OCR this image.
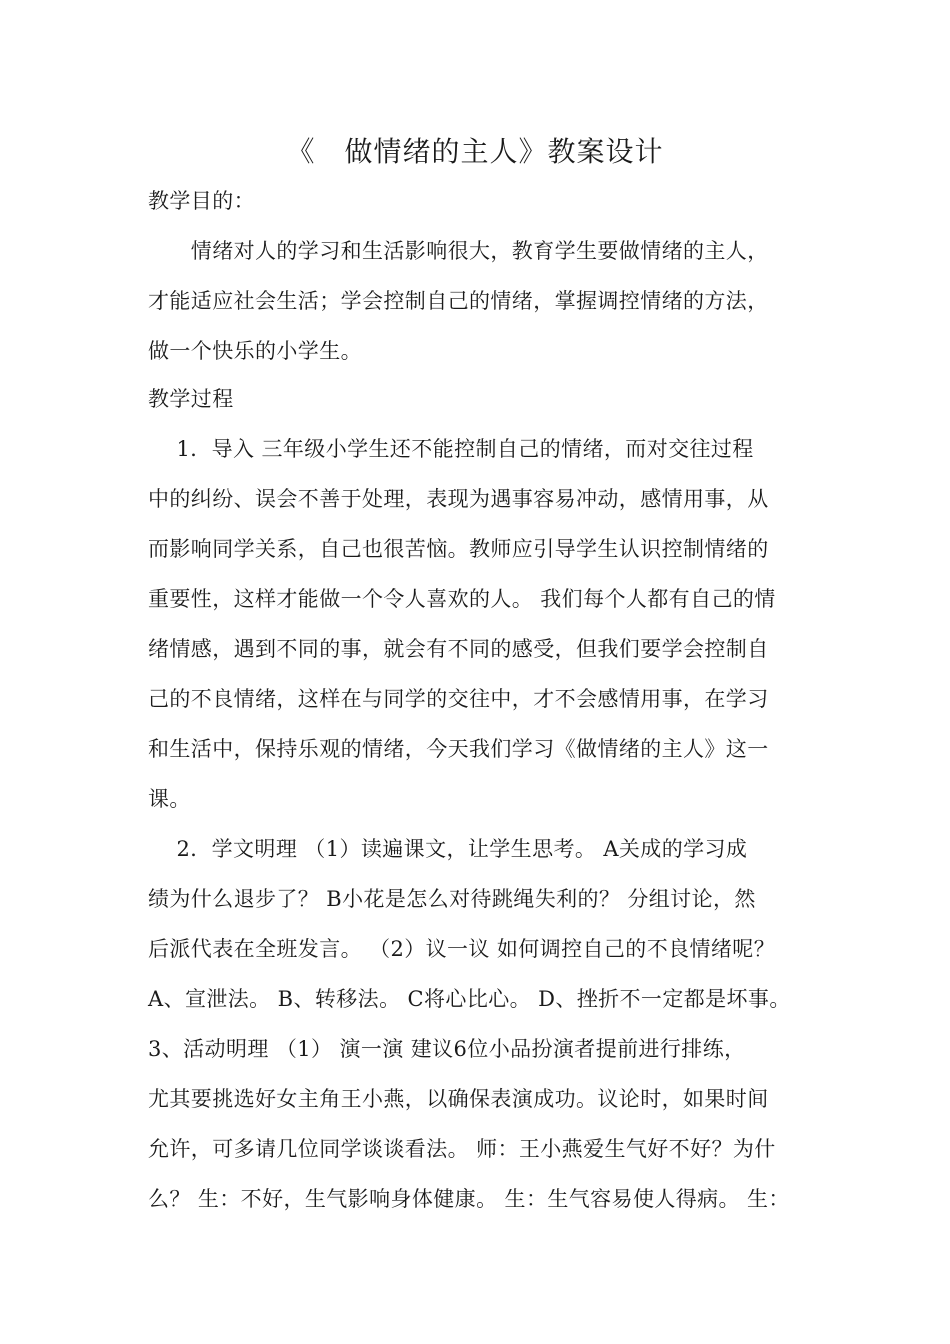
《　做情绪的主人》教案设计
教学目的：
　　情绪对人的学习和生活影响很大，教育学生要做情绪的主人，
才能适应社会生活；学会控制自己的情绪，掌握调控情绪的方法，
做一个快乐的小学生。
教学过程
　 1．导入 三年级小学生还不能控制自己的情绪，而对交往过程
中的纠纷、误会不善于处理，表现为遇事容易冲动，感情用事，从
而影响同学关系，自己也很苦恼。教师应引导学生认识控制情绪的
重要性，这样才能做一个令人喜欢的人。 我们每个人都有自己的情
绪情感，遇到不同的事，就会有不同的感受，但我们要学会控制自
己的不良情绪，这样在与同学的交往中，才不会感情用事，在学习
和生活中，保持乐观的情绪，今天我们学习《做情绪的主人》这一
课。
　 2．学文明理 （1）读遍课文，让学生思考。 A关成的学习成
绩为什么退步了？ B小花是怎么对待跳绳失利的？ 分组讨论，然
后派代表在全班发言。 （2）议一议 如何调控自己的不良情绪呢？
A、宣泄法。 B、转移法。 C将心比心。 D、挫折不一定都是坏事。
3、活动明理 （1） 演一演 建议6位小品扮演者提前进行排练，
尤其要挑选好女主角王小燕，以确保表演成功。议论时，如果时间
允许，可多请几位同学谈谈看法。 师：王小燕爱生气好不好？为什
么？ 生：不好，生气影响身体健康。 生：生气容易使人得病。 生：
